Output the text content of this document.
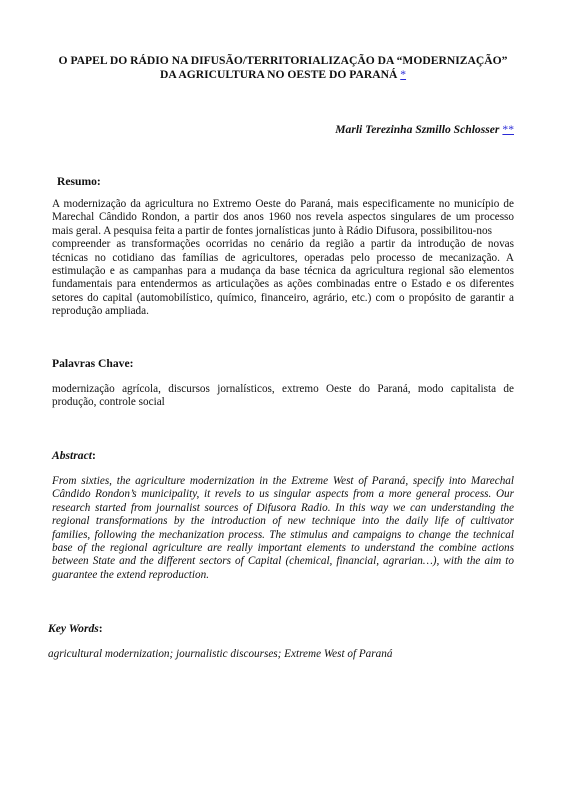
O PAPEL DO RÁDIO NA DIFUSÃO/TERRITORIALIZAÇÃO DA “MODERNIZAÇÃO”
DA AGRICULTURA NO OESTE DO PARANÁ *
Marli Terezinha Szmillo Schlosser **
Resumo:
A modernização da agricultura no Extremo Oeste do Paraná, mais especificamente no município de
Marechal Cândido Rondon, a partir dos anos 1960 nos revela aspectos singulares de um processo
mais geral. A pesquisa feita a partir de fontes jornalísticas junto à Rádio Difusora, possibilitou-nos
compreender as transformações ocorridas no cenário da região a partir da introdução de novas
técnicas no cotidiano das famílias de agricultores, operadas pelo processo de mecanização. A
estimulação e as campanhas para a mudança da base técnica da agricultura regional são elementos
fundamentais para entendermos as articulações as ações combinadas entre o Estado e os diferentes
setores do capital (automobilístico, químico, financeiro, agrário, etc.) com o propósito de garantir a
reprodução ampliada.
Palavras Chave:
modernização agrícola, discursos jornalísticos, extremo Oeste do Paraná, modo capitalista de
produção, controle social
Abstract:
From sixties, the agriculture modernization in the Extreme West of Paraná, specify into Marechal
Cândido Rondon’s municipality, it revels to us singular aspects from a more general process. Our
research started from journalist sources of Difusora Radio. In this way we can understanding the
regional transformations by the introduction of new technique into the daily life of cultivator
families, following the mechanization process. The stimulus and campaigns to change the technical
base of the regional agriculture are really important elements to understand the combine actions
between State and the different sectors of Capital (chemical, financial, agrarian…), with the aim to
guarantee the extend reproduction.
Key Words:
agricultural modernization; journalistic discourses; Extreme West of Paraná
